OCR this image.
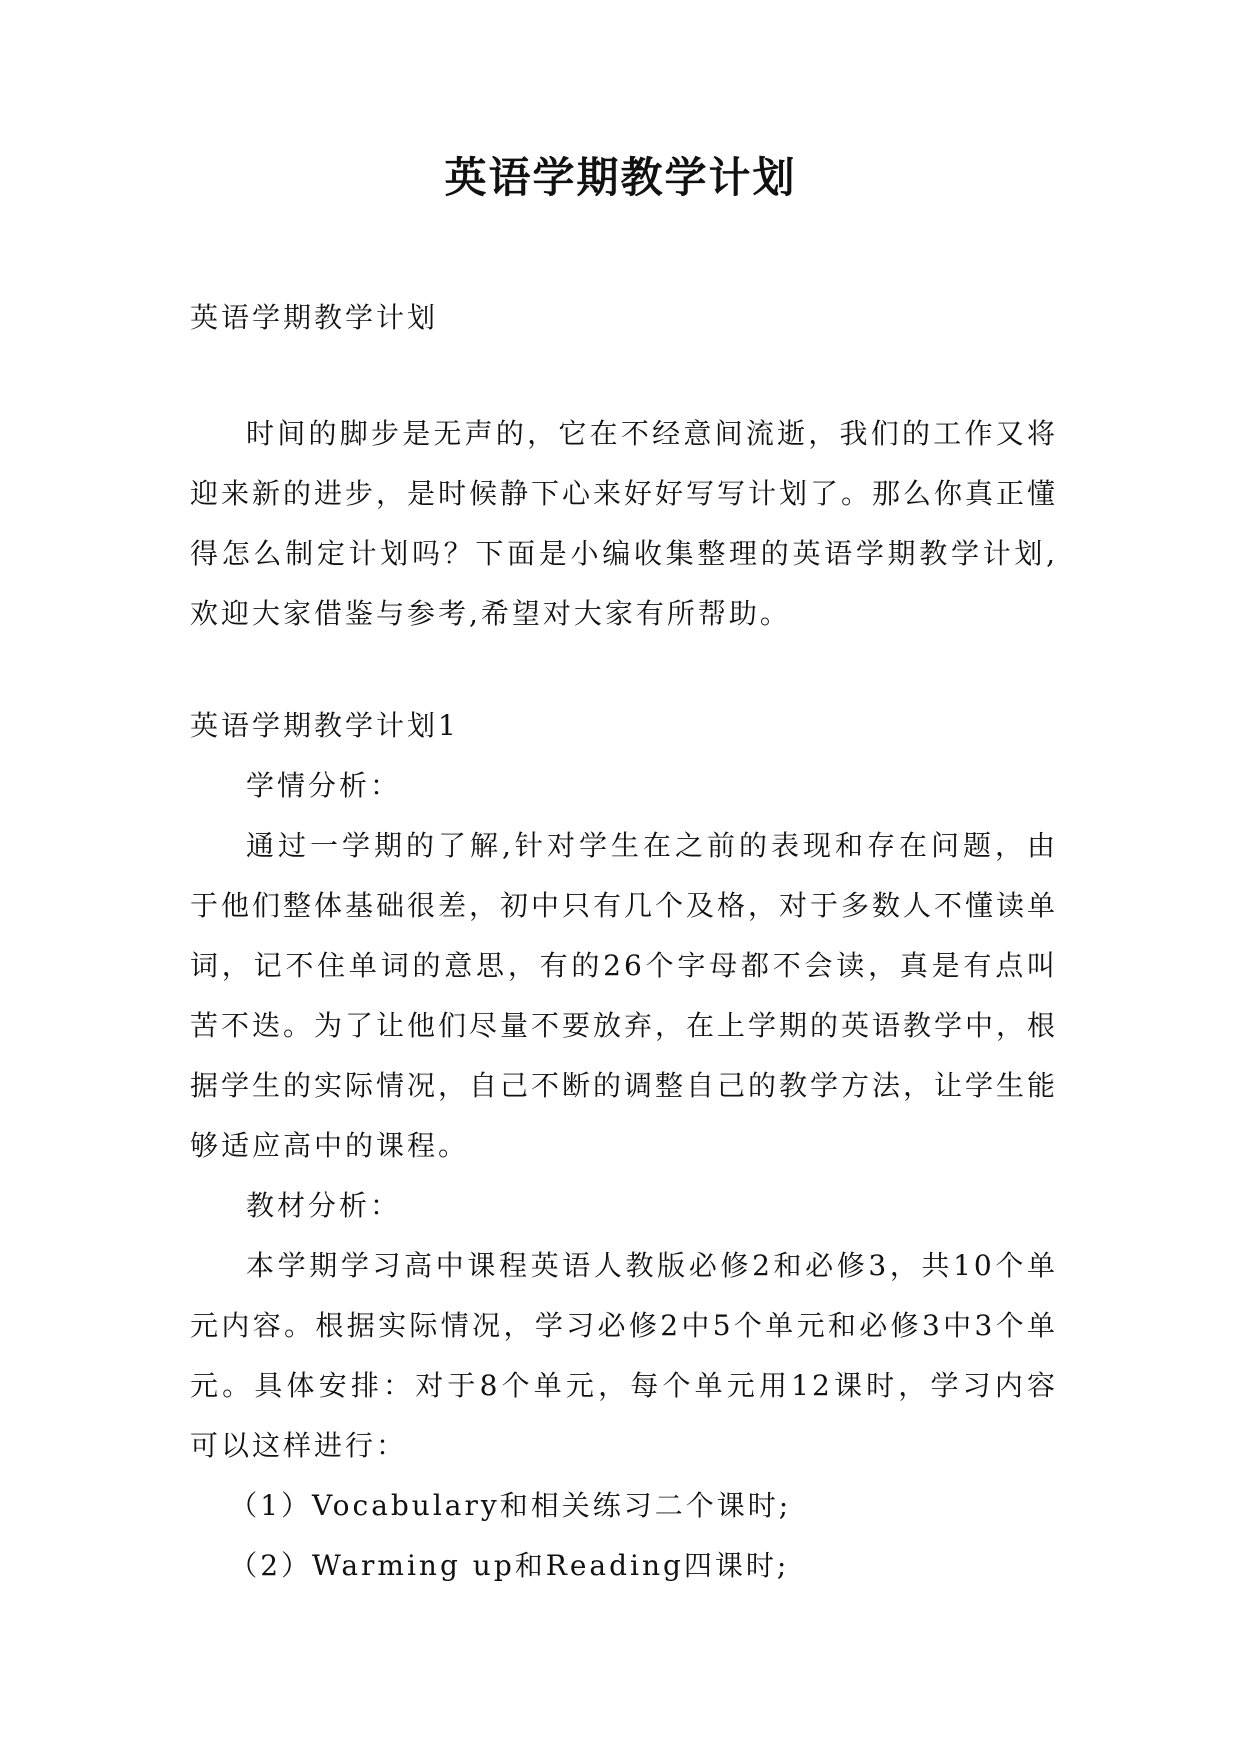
英语学期教学计划

英语学期教学计划

时间的脚步是无声的，它在不经意间流逝，我们的工作又将迎来新的进步，是时候静下心来好好写写计划了。那么你真正懂得怎么制定计划吗？下面是小编收集整理的英语学期教学计划,欢迎大家借鉴与参考,希望对大家有所帮助。

英语学期教学计划1

学情分析：

通过一学期的了解,针对学生在之前的表现和存在问题，由于他们整体基础很差，初中只有几个及格，对于多数人不懂读单词，记不住单词的意思，有的26个字母都不会读，真是有点叫苦不迭。为了让他们尽量不要放弃，在上学期的英语教学中，根据学生的实际情况，自己不断的调整自己的教学方法，让学生能够适应高中的课程。

教材分析：

本学期学习高中课程英语人教版必修2和必修3，共10个单元内容。根据实际情况，学习必修2中5个单元和必修3中3个单元。具体安排：对于8个单元，每个单元用12课时，学习内容可以这样进行：

（1）Vocabulary和相关练习二个课时;

（2）Warming up和Reading四课时;
